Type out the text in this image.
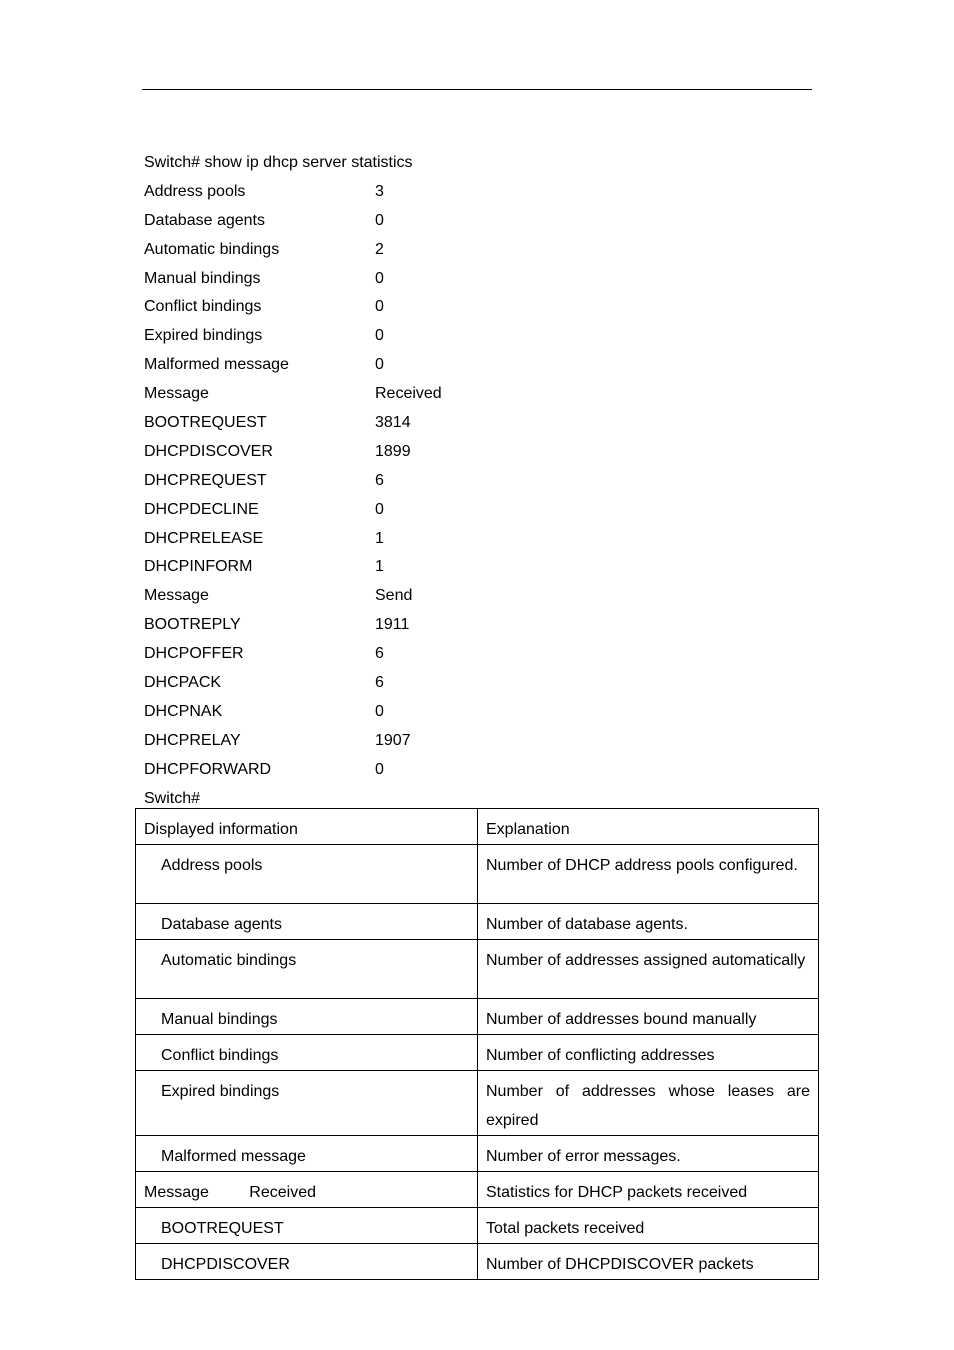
Switch# show ip dhcp server statistics
Address pools	3
Database agents	0
Automatic bindings	2
Manual bindings	0
Conflict bindings	0
Expired bindings	0
Malformed message	0
Message	Received
BOOTREQUEST	3814
DHCPDISCOVER	1899
DHCPREQUEST	6
DHCPDECLINE	0
DHCPRELEASE	1
DHCPINFORM	1
Message	Send
BOOTREPLY	1911
DHCPOFFER	6
DHCPACK	6
DHCPNAK	0
DHCPRELAY	1907
DHCPFORWARD	0
Switch#
Displayed information	Explanation

Address pools	Number of DHCP address pools configured.

Database agents	Number of database agents.

Automatic bindings	Number of addresses assigned automatically

Manual bindings	Number of addresses bound manually

Conflict bindings	Number of conflicting addresses

Expired bindings	Number of addresses whose leases are expired

Malformed message	Number of error messages.

Message Received	Statistics for DHCP packets received

BOOTREQUEST	Total packets received

DHCPDISCOVER	Number of DHCPDISCOVER packets
